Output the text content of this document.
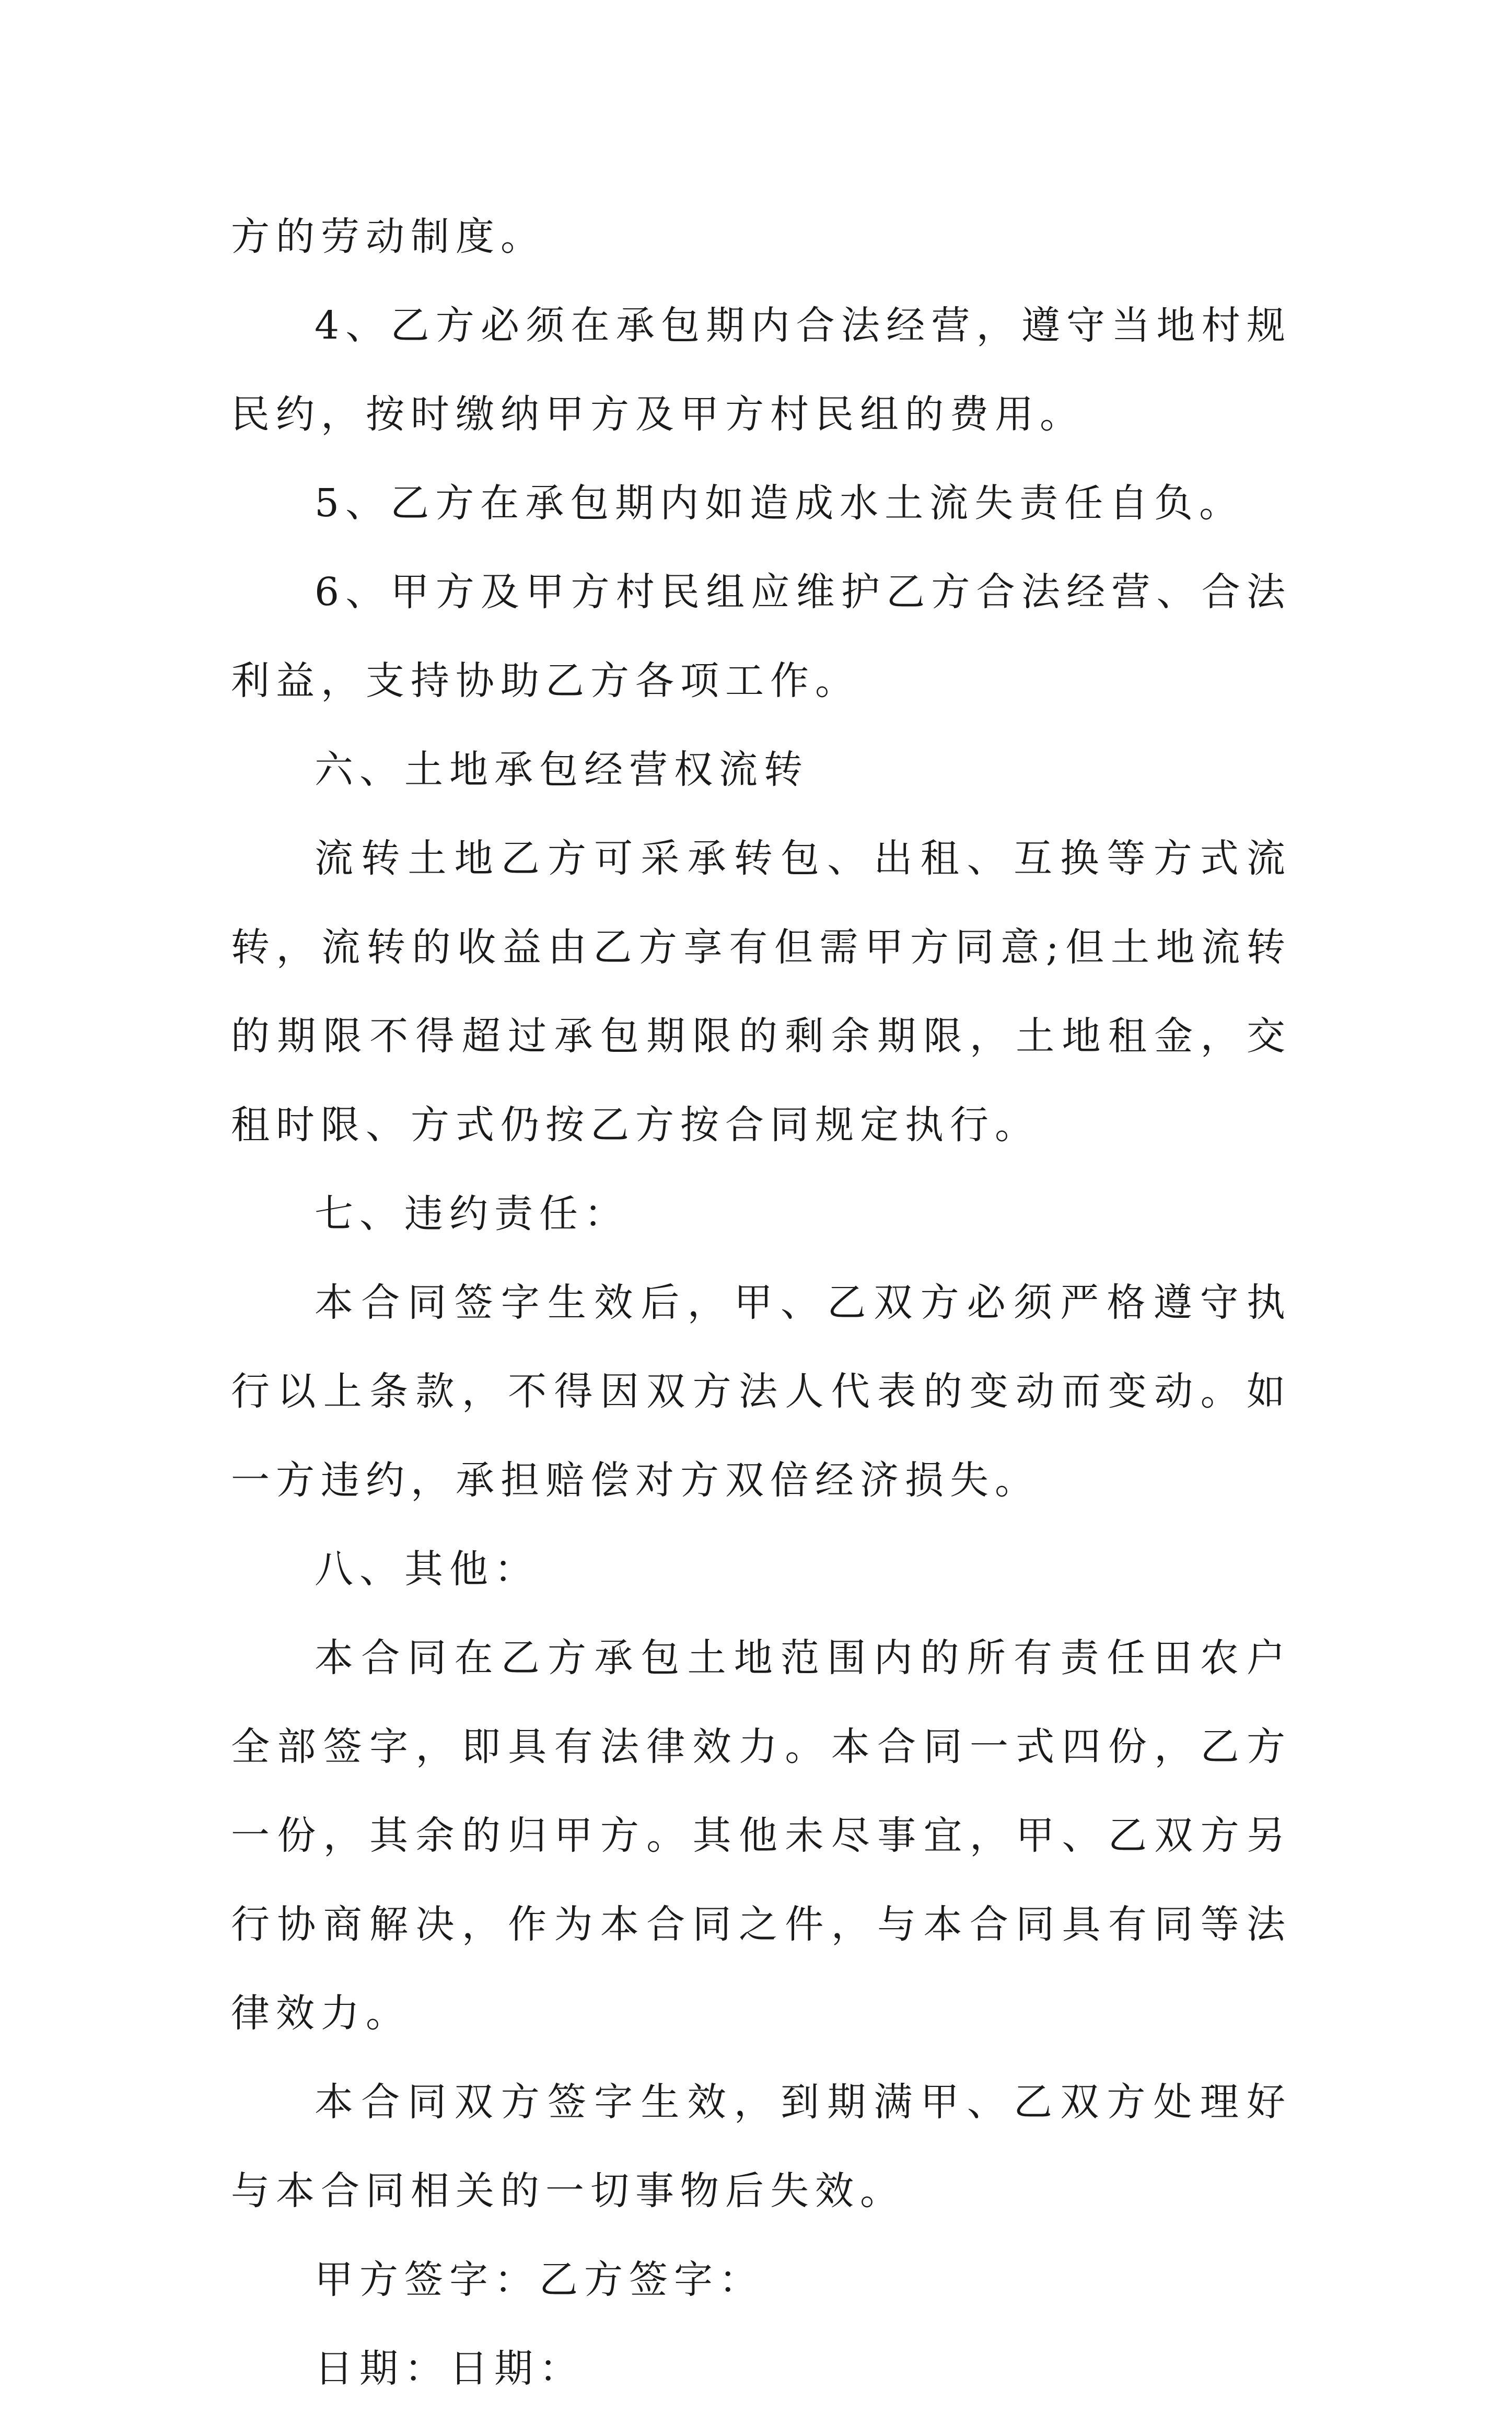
方的劳动制度。

4、乙方必须在承包期内合法经营，遵守当地村规民约，按时缴纳甲方及甲方村民组的费用。

5、乙方在承包期内如造成水土流失责任自负。

6、甲方及甲方村民组应维护乙方合法经营、合法利益，支持协助乙方各项工作。

六、土地承包经营权流转

流转土地乙方可采承转包、出租、互换等方式流转，流转的收益由乙方享有但需甲方同意;但土地流转的期限不得超过承包期限的剩余期限，土地租金，交租时限、方式仍按乙方按合同规定执行。

七、违约责任：

本合同签字生效后，甲、乙双方必须严格遵守执行以上条款，不得因双方法人代表的变动而变动。如一方违约，承担赔偿对方双倍经济损失。

八、其他：

本合同在乙方承包土地范围内的所有责任田农户全部签字，即具有法律效力。本合同一式四份，乙方一份，其余的归甲方。其他未尽事宜，甲、乙双方另行协商解决，作为本合同之件，与本合同具有同等法律效力。

本合同双方签字生效，到期满甲、乙双方处理好与本合同相关的一切事物后失效。

甲方签字：乙方签字：

日期：日期：
